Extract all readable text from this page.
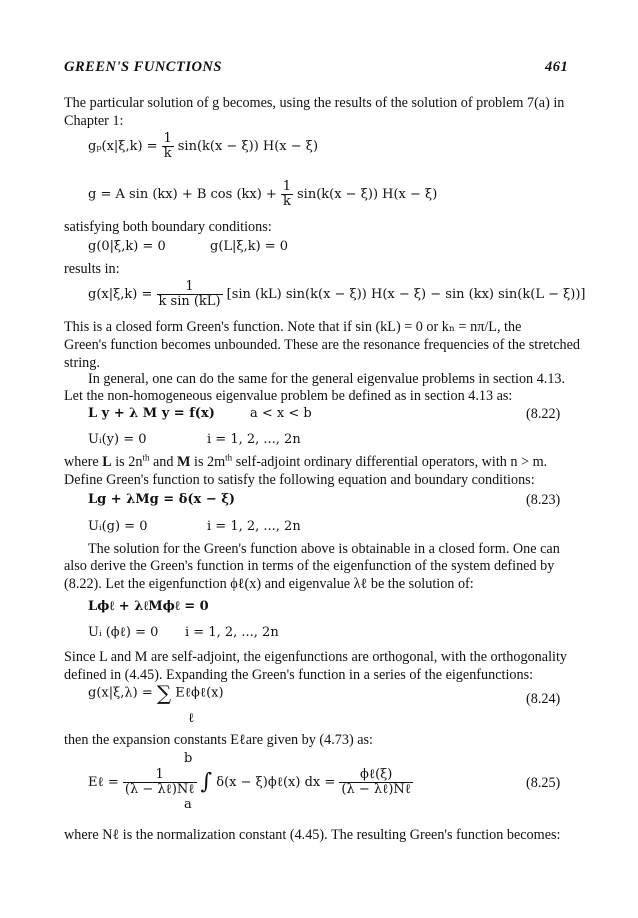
GREEN'S FUNCTIONS	461
The particular solution of g becomes, using the results of the solution of problem 7(a) in
Chapter 1:
$g_p(x|\xi,k) = \frac{1}{k} \sin(k(x - \xi)) H(x - \xi)$
g = A sin (kx) + B $\cos (kx) + \frac{1}{k} \sin(k(x - \xi)) H(x - \xi)$
satisfying both boundary conditions:
g(0|ξ,k) = 0	g(L|ξ,k) = 0
results in:
$g(x|\xi,k) = \frac{1}{\text{k sin (kL)}} [\sin$ (kL) sin(k(x − ξ)) H(x − ξ) − sin (kx) sin(k(L − ξ))]
This is a closed form Green's function. Note that if sin (kL) = 0 or kₙ = nπ/L, the
Green's function becomes unbounded. These are the resonance frequencies of the stretched
string.
In general, one can do the same for the general eigenvalue problems in section 4.13.
Let the non-homogeneous eigenvalue problem be defined as in section 4.13 as:
L y + λ M y = f(x)	a < x < b	(8.22)
Uᵢ(y) = 0	i = 1, 2, ..., 2n
where L is $2n^{th}$ and M is $2m^{th}$ self-adjoint ordinary differential operators, with n > m.
Define Green's function to satisfy the following equation and boundary conditions:
Lg + λMg = δ(x − ξ)	(8.23)
Uᵢ(g) = 0	i = 1, 2, ..., 2n
The solution for the Green's function above is obtainable in a closed form. One can
also derive the Green's function in terms of the eigenfunction of the system defined by
(8.22). Let the eigenfunction ϕℓ(x) and eigenvalue λℓ be the solution of:
Lϕℓ + λℓMϕℓ = 0
Uᵢ (ϕℓ) = 0 i = 1, 2, ..., 2n
Since L and M are self-adjoint, the eigenfunctions are orthogonal, with the orthogonality
defined in (4.45). Expanding the Green's function in a series of the eigenfunctions:
g(x|ξ,λ) = ∑ Eℓϕℓ(x)
ℓ
(8.24)
then the expansion constants Eℓare given by (4.73) as:
b
Eℓ = $\frac{1}{\text{(λ − λℓ)Nℓ}}$ ∫ δ(x − ξ)ϕℓ(x) dx = $\frac{\text{ϕℓ(ξ)}}{\text{(λ − λℓ)Nℓ}}$
a
(8.25)
where Nℓ is the normalization constant (4.45). The resulting Green's function becomes:
